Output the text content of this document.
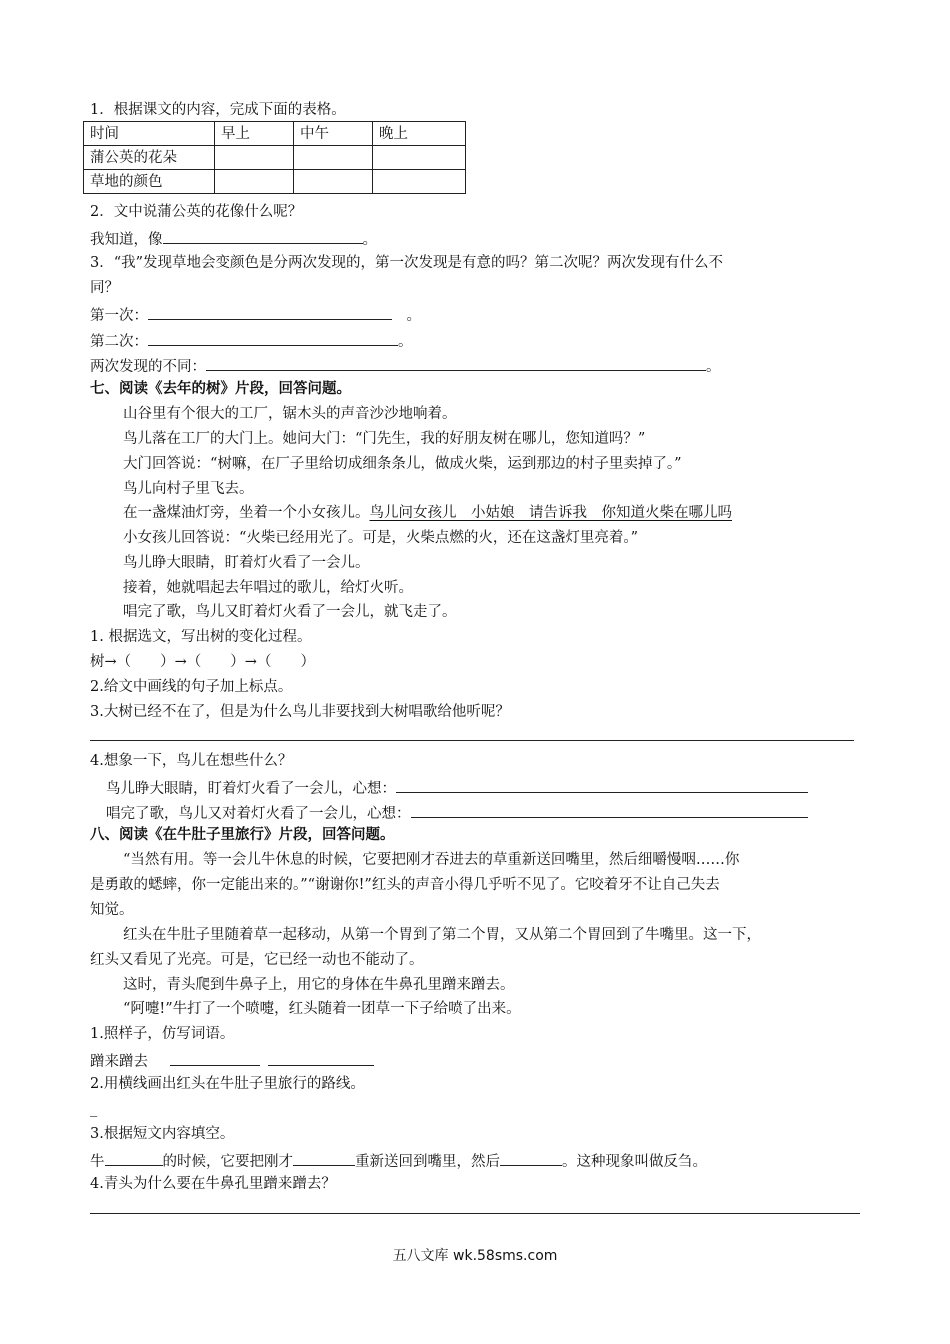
1．根据课文的内容，完成下面的表格。
时间	早上	中午	晚上
蒲公英的花朵			
草地的颜色			
2．文中说蒲公英的花像什么呢？
我知道，像	。
3．“我”发现草地会变颜色是分两次发现的，第一次发现是有意的吗？第二次呢？两次发现有什么不
同？
第一次：	　。
第二次：	。
两次发现的不同：	。
七、阅读《去年的树》片段，回答问题。
山谷里有个很大的工厂，锯木头的声音沙沙地响着。
鸟儿落在工厂的大门上。她问大门：“门先生，我的好朋友树在哪儿，您知道吗？”
大门回答说：“树嘛，在厂子里给切成细条条儿，做成火柴，运到那边的村子里卖掉了。”
鸟儿向村子里飞去。
在一盏煤油灯旁，坐着一个小女孩儿。鸟儿问女孩儿　小姑娘　请告诉我　你知道火柴在哪儿吗
小女孩儿回答说：“火柴已经用光了。可是，火柴点燃的火，还在这盏灯里亮着。”
鸟儿睁大眼睛，盯着灯火看了一会儿。
接着，她就唱起去年唱过的歌儿，给灯火听。
唱完了歌，鸟儿又盯着灯火看了一会儿，就飞走了。
1. 根据选文，写出树的变化过程。
树→（　　）→（　　）→（　　）
2.给文中画线的句子加上标点。
3.大树已经不在了，但是为什么鸟儿非要找到大树唱歌给他听呢？
4.想象一下，鸟儿在想些什么？
鸟儿睁大眼睛，盯着灯火看了一会儿，心想：
唱完了歌，鸟儿又对着灯火看了一会儿，心想：
八、阅读《在牛肚子里旅行》片段，回答问题。
“当然有用。等一会儿牛休息的时候，它要把刚才吞进去的草重新送回嘴里，然后细嚼慢咽……你
是勇敢的蟋蟀，你一定能出来的。”“谢谢你!”红头的声音小得几乎听不见了。它咬着牙不让自己失去
知觉。
红头在牛肚子里随着草一起移动，从第一个胃到了第二个胃，又从第二个胃回到了牛嘴里。这一下，
红头又看见了光亮。可是，它已经一动也不能动了。
这时，青头爬到牛鼻子上，用它的身体在牛鼻孔里蹭来蹭去。
“阿嚏!”牛打了一个喷嚏，红头随着一团草一下子给喷了出来。
1.照样子，仿写词语。
蹭来蹭去
2.用横线画出红头在牛肚子里旅行的路线。
_
3.根据短文内容填空。
牛	的时候，它要把刚才	重新送回到嘴里，然后	。这种现象叫做反刍。
4.青头为什么要在牛鼻孔里蹭来蹭去？
五八文库 wk.58sms.com
